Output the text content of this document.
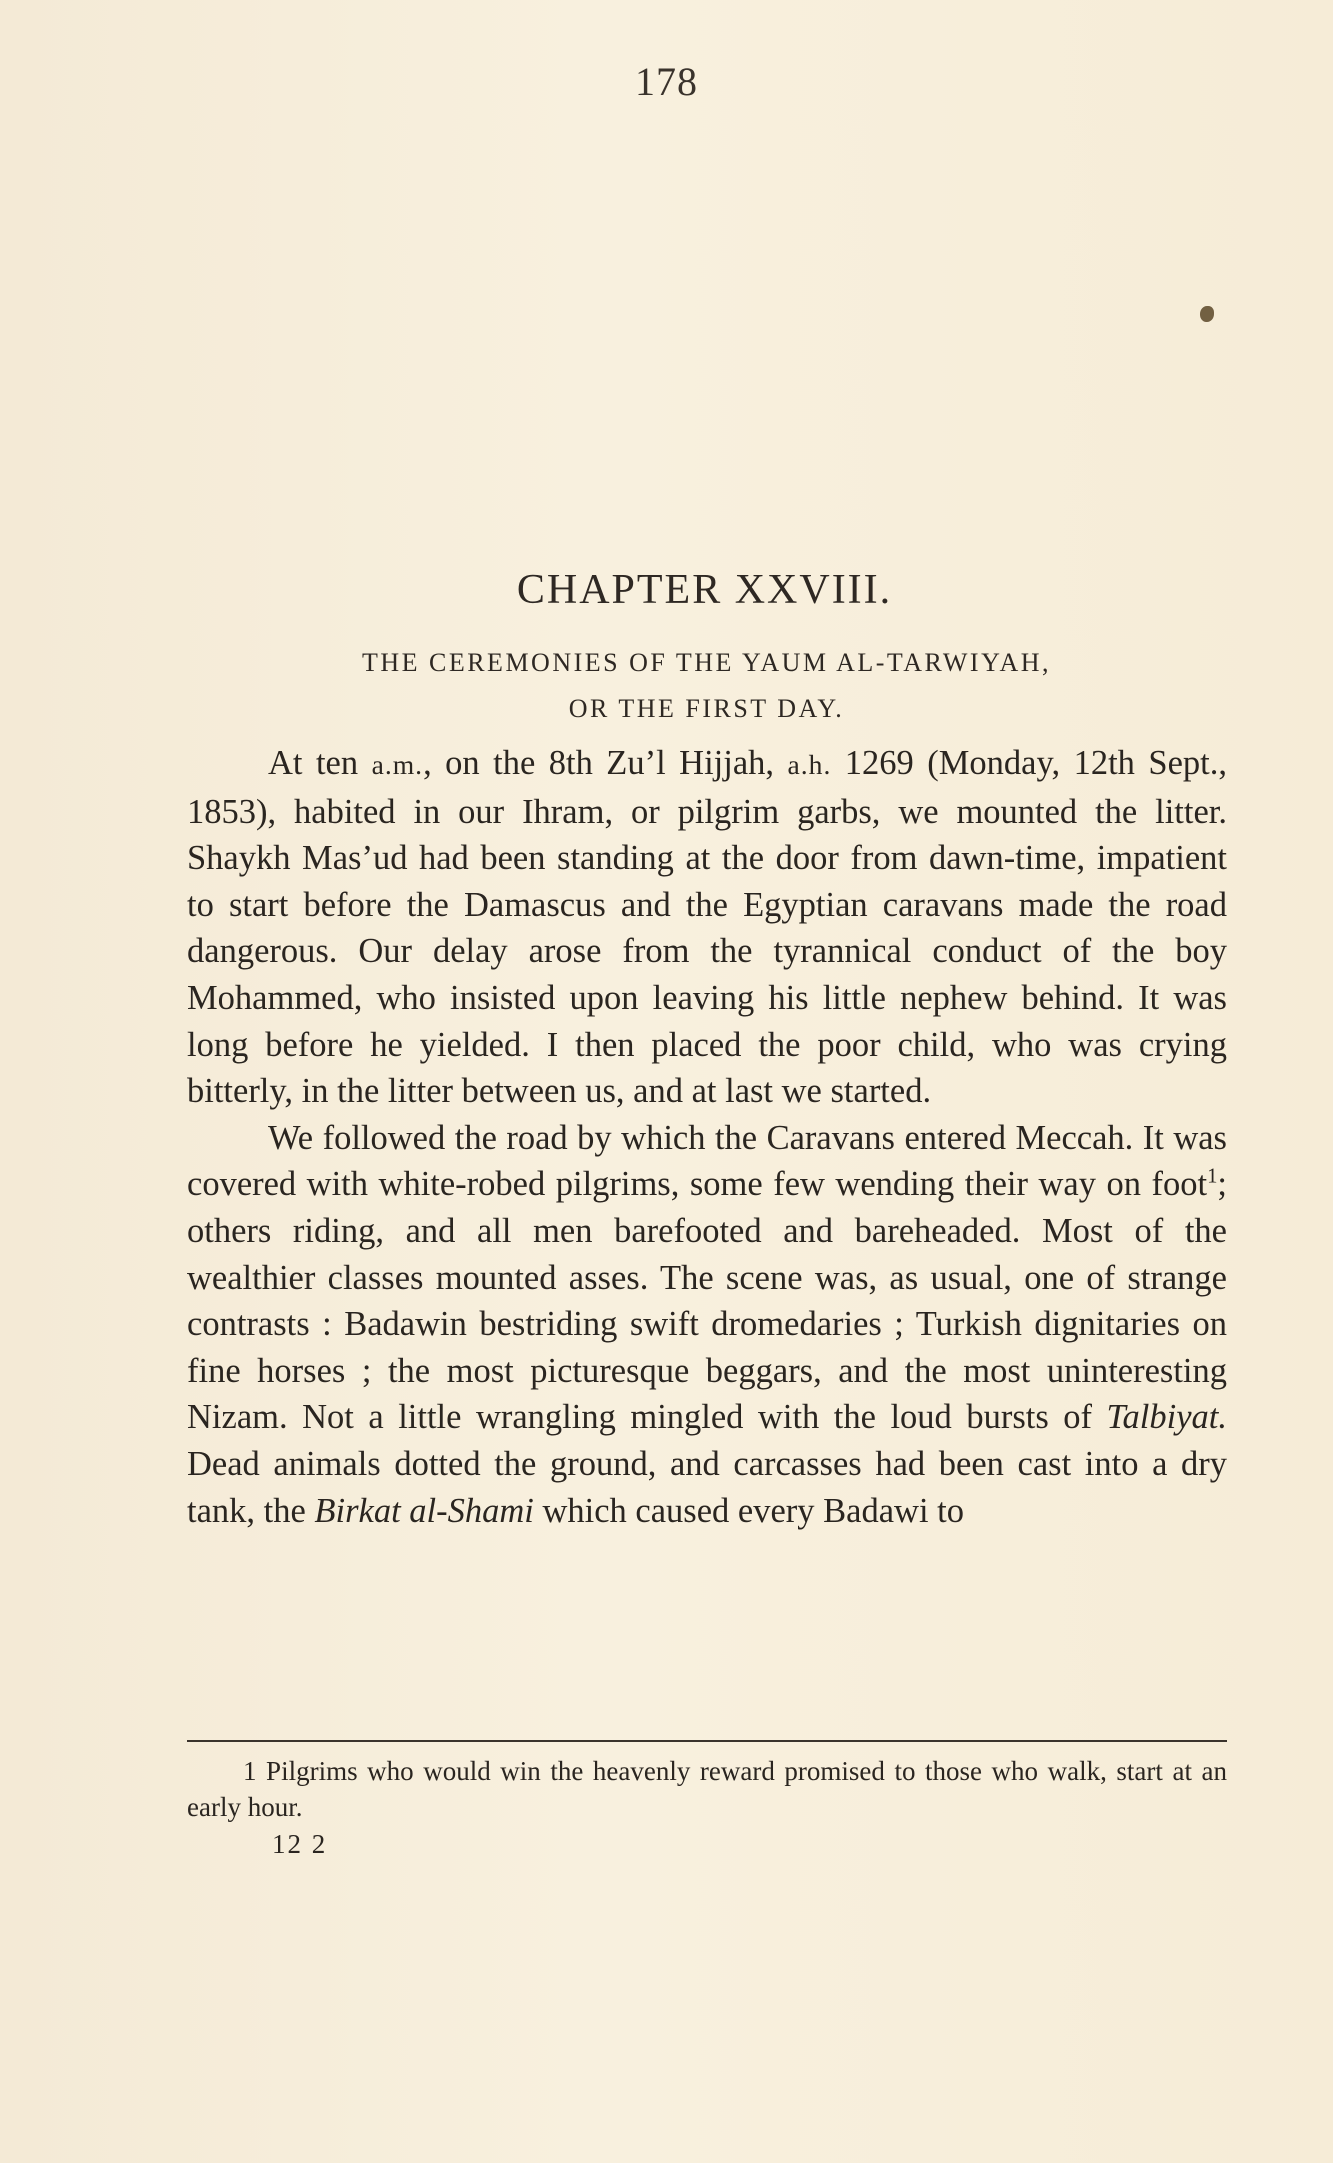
178
CHAPTER XXVIII.
THE CEREMONIES OF THE YAUM AL-TARWIYAH,
OR THE FIRST DAY.

At ten a.m., on the 8th Zu’l Hijjah, a.h. 1269 (Monday, 12th Sept., 1853), habited in our Ihram, or pilgrim garbs, we mounted the litter. Shaykh Mas’ud had been standing at the door from dawn-time, impatient to start before the Damascus and the Egyptian caravans made the road dangerous. Our delay arose from the tyrannical conduct of the boy Mohammed, who insisted upon leaving his little nephew behind. It was long before he yielded. I then placed the poor child, who was crying bitterly, in the litter between us, and at last we started.

We followed the road by which the Caravans entered Meccah. It was covered with white-robed pilgrims, some few wending their way on foot$^1$; others riding, and all men barefooted and bareheaded. Most of the wealthier classes mounted asses. The scene was, as usual, one of strange contrasts : Badawin bestriding swift dromedaries ; Turkish dignitaries on fine horses ; the most picturesque beggars, and the most uninteresting Nizam. Not a little wrangling mingled with the loud bursts of Talbiyat. Dead animals dotted the ground, and carcasses had been cast into a dry tank, the Birkat al-Shami which caused every Badawi to

1 Pilgrims who would win the heavenly reward promised to those who walk, start at an early hour.
12 2
